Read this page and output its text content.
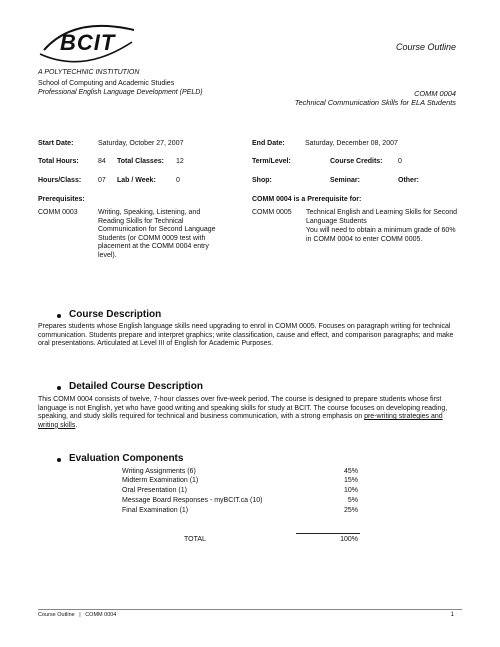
BCIT
A POLYTECHNIC INSTITUTION
Course Outline
School of Computing and Academic Studies
Professional English Language Development (PELD)	COMM 0004
Technical Communication Skills for ELA Students
Start Date:	Saturday, October 27, 2007	End Date:	Saturday, December 08, 2007
Total Hours:	84 Total Classes: 12	Term/Level:	Course Credits: 0
Hours/Class: 07 Lab / Week:	0	Shop:	Seminar:	Other:
Prerequisites:	COMM 0004 is a Prerequisite for:
COMM 0003	Writing, Speaking, Listening, and Reading Skills for Technical Communication for Second Language Students (or COMM 0009 test with placement at the COMM 0004 entry level).
COMM 0005 Technical English and Learning Skills for Second Language Students
You will need to obtain a minimum grade of 60% in COMM 0004 to enter COMM 0005.
Course Description
Prepares students whose English language skills need upgrading to enrol in COMM 0005. Focuses on paragraph writing for technical communication. Students prepare and interpret graphics; write classification, cause and effect, and comparison paragraphs; and make oral presentations. Articulated at Level III of English for Academic Purposes.
Detailed Course Description
This COMM 0004 consists of twelve, 7-hour classes over five-week period. The course is designed to prepare students whose first language is not English, yet who have good writing and speaking skills for study at BCIT. The course focuses on developing reading, speaking, and study skills required for technical and business communication, with a strong emphasis on pre-writing strategies and writing skills.
Evaluation Components
Writing Assignments (6)	45%
Midterm Examination (1)	15%
Oral Presentation (1)	10%
Message Board Responses - myBCIT.ca (10)	5%
Final Examination (1)	25%
TOTAL	100%
Course Outline | COMM 0004	1
